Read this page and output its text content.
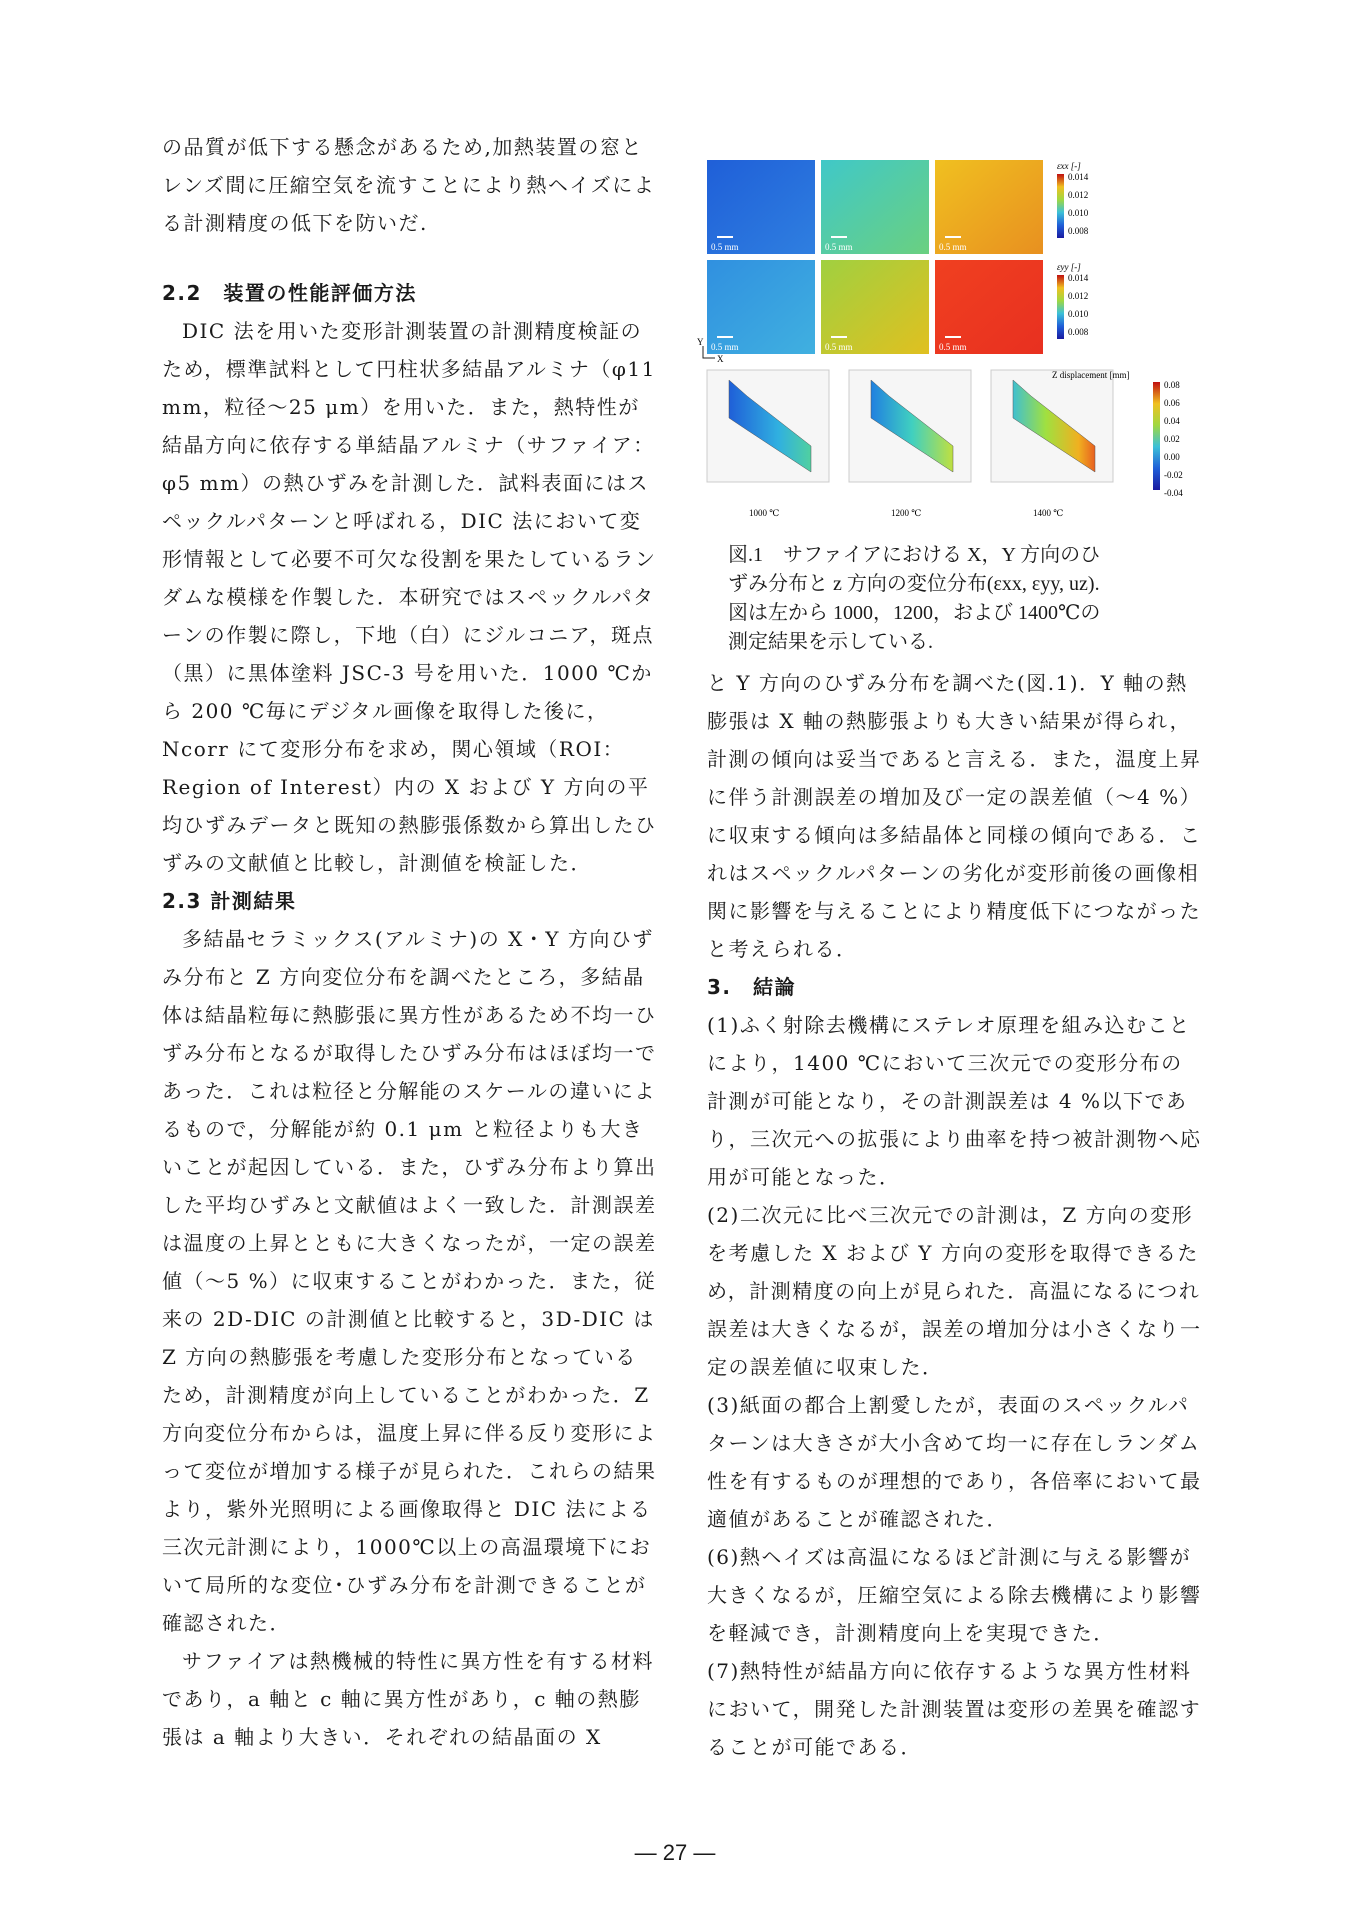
の品質が低下する懸念があるため,加熱装置の窓とレンズ間に圧縮空気を流すことにより熱ヘイズによる計測精度の低下を防いだ.

2.2　装置の性能評価方法

DIC 法を用いた変形計測装置の計測精度検証のため，標準試料として円柱状多結晶アルミナ（φ11 mm，粒径〜25 μm）を用いた．また，熱特性が結晶方向に依存する単結晶アルミナ（サファイア：φ5 mm）の熱ひずみを計測した．試料表面にはスペックルパターンと呼ばれる，DIC 法において変形情報として必要不可欠な役割を果たしているランダムな模様を作製した．本研究ではスペックルパターンの作製に際し，下地（白）にジルコニア，斑点（黒）に黒体塗料 JSC-3 号を用いた．1000 ℃から 200 ℃毎にデジタル画像を取得した後に，Ncorr にて変形分布を求め，関心領域（ROI：Region of Interest）内の X および Y 方向の平均ひずみデータと既知の熱膨張係数から算出したひずみの文献値と比較し，計測値を検証した．

2.3 計測結果

多結晶セラミックス(アルミナ)の X・Y 方向ひずみ分布と Z 方向変位分布を調べたところ，多結晶体は結晶粒毎に熱膨張に異方性があるため不均一ひずみ分布となるが取得したひずみ分布はほぼ均一であった．これは粒径と分解能のスケールの違いによるもので，分解能が約 0.1 μm と粒径よりも大きいことが起因している．また，ひずみ分布より算出した平均ひずみと文献値はよく一致した．計測誤差は温度の上昇とともに大きくなったが，一定の誤差値（〜5 %）に収束することがわかった．また，従来の 2D-DIC の計測値と比較すると，3D-DIC は Z 方向の熱膨張を考慮した変形分布となっているため，計測精度が向上していることがわかった．Z 方向変位分布からは，温度上昇に伴る反り変形によって変位が増加する様子が見られた．これらの結果より，紫外光照明による画像取得と DIC 法による三次元計測により，1000℃以上の高温環境下において局所的な変位･ひずみ分布を計測できることが確認された．

サファイアは熱機械的特性に異方性を有する材料であり，a 軸と c 軸に異方性があり，c 軸の熱膨張は a 軸より大きい．それぞれの結晶面の X

0.5 mm	0.5 mm	0.5 mm
0.5 mm	0.5 mm	0.5 mm
Y
X
εxx [-]
0.014
0.012
0.010
0.008
εyy [-]
0.014
0.012
0.010
0.008
Z displacement [mm]
0.08
0.06
0.04
0.02
0.00
-0.02
-0.04
1000 ℃	1200 ℃	1400 ℃

図.1　サファイアにおける X，Y 方向のひ

ずみ分布と z 方向の変位分布(εxx, εyy, uz).

図は左から 1000，1200，および 1400℃の

測定結果を示している.

と Y 方向のひずみ分布を調べた(図.1)．Y 軸の熱膨張は X 軸の熱膨張よりも大きい結果が得られ，計測の傾向は妥当であると言える．また，温度上昇に伴う計測誤差の増加及び一定の誤差値（〜4 %）に収束する傾向は多結晶体と同様の傾向である．これはスペックルパターンの劣化が変形前後の画像相関に影響を与えることにより精度低下につながったと考えられる．

3.　結論

(1)ふく射除去機構にステレオ原理を組み込むことにより，1400 ℃において三次元での変形分布の計測が可能となり，その計測誤差は 4 %以下であり，三次元への拡張により曲率を持つ被計測物へ応用が可能となった．

(2)二次元に比べ三次元での計測は，Z 方向の変形を考慮した X および Y 方向の変形を取得できるため，計測精度の向上が見られた．高温になるにつれ誤差は大きくなるが，誤差の増加分は小さくなり一定の誤差値に収束した．

(3)紙面の都合上割愛したが，表面のスペックルパターンは大きさが大小含めて均一に存在しランダム性を有するものが理想的であり，各倍率において最適値があることが確認された．

(6)熱ヘイズは高温になるほど計測に与える影響が大きくなるが，圧縮空気による除去機構により影響を軽減でき，計測精度向上を実現できた．

(7)熱特性が結晶方向に依存するような異方性材料において，開発した計測装置は変形の差異を確認することが可能である．

― 27 ―
